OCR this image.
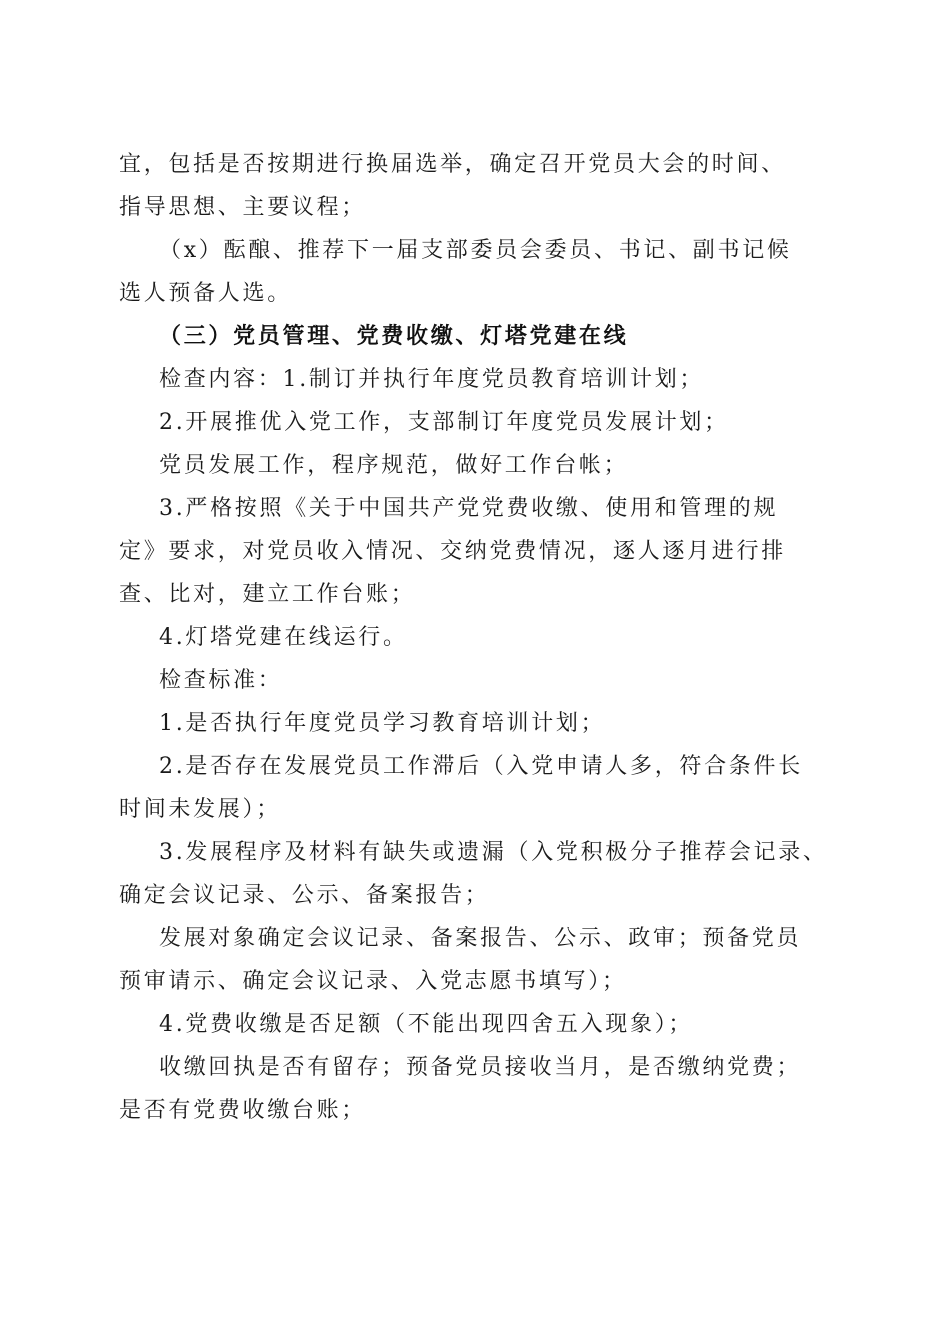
宜，包括是否按期进行换届选举，确定召开党员大会的时间、
指导思想、主要议程；
（x）酝酿、推荐下一届支部委员会委员、书记、副书记候
选人预备人选。
（三）党员管理、党费收缴、灯塔党建在线
检查内容：1.制订并执行年度党员教育培训计划；
2.开展推优入党工作，支部制订年度党员发展计划；
党员发展工作，程序规范，做好工作台帐；
3.严格按照《关于中国共产党党费收缴、使用和管理的规
定》要求，对党员收入情况、交纳党费情况，逐人逐月进行排
查、比对，建立工作台账；
4.灯塔党建在线运行。
检查标准：
1.是否执行年度党员学习教育培训计划；
2.是否存在发展党员工作滞后（入党申请人多，符合条件长
时间未发展）；
3.发展程序及材料有缺失或遗漏（入党积极分子推荐会记录、
确定会议记录、公示、备案报告；
发展对象确定会议记录、备案报告、公示、政审；预备党员
预审请示、确定会议记录、入党志愿书填写）；
4.党费收缴是否足额（不能出现四舍五入现象）；
收缴回执是否有留存；预备党员接收当月，是否缴纳党费；
是否有党费收缴台账；
